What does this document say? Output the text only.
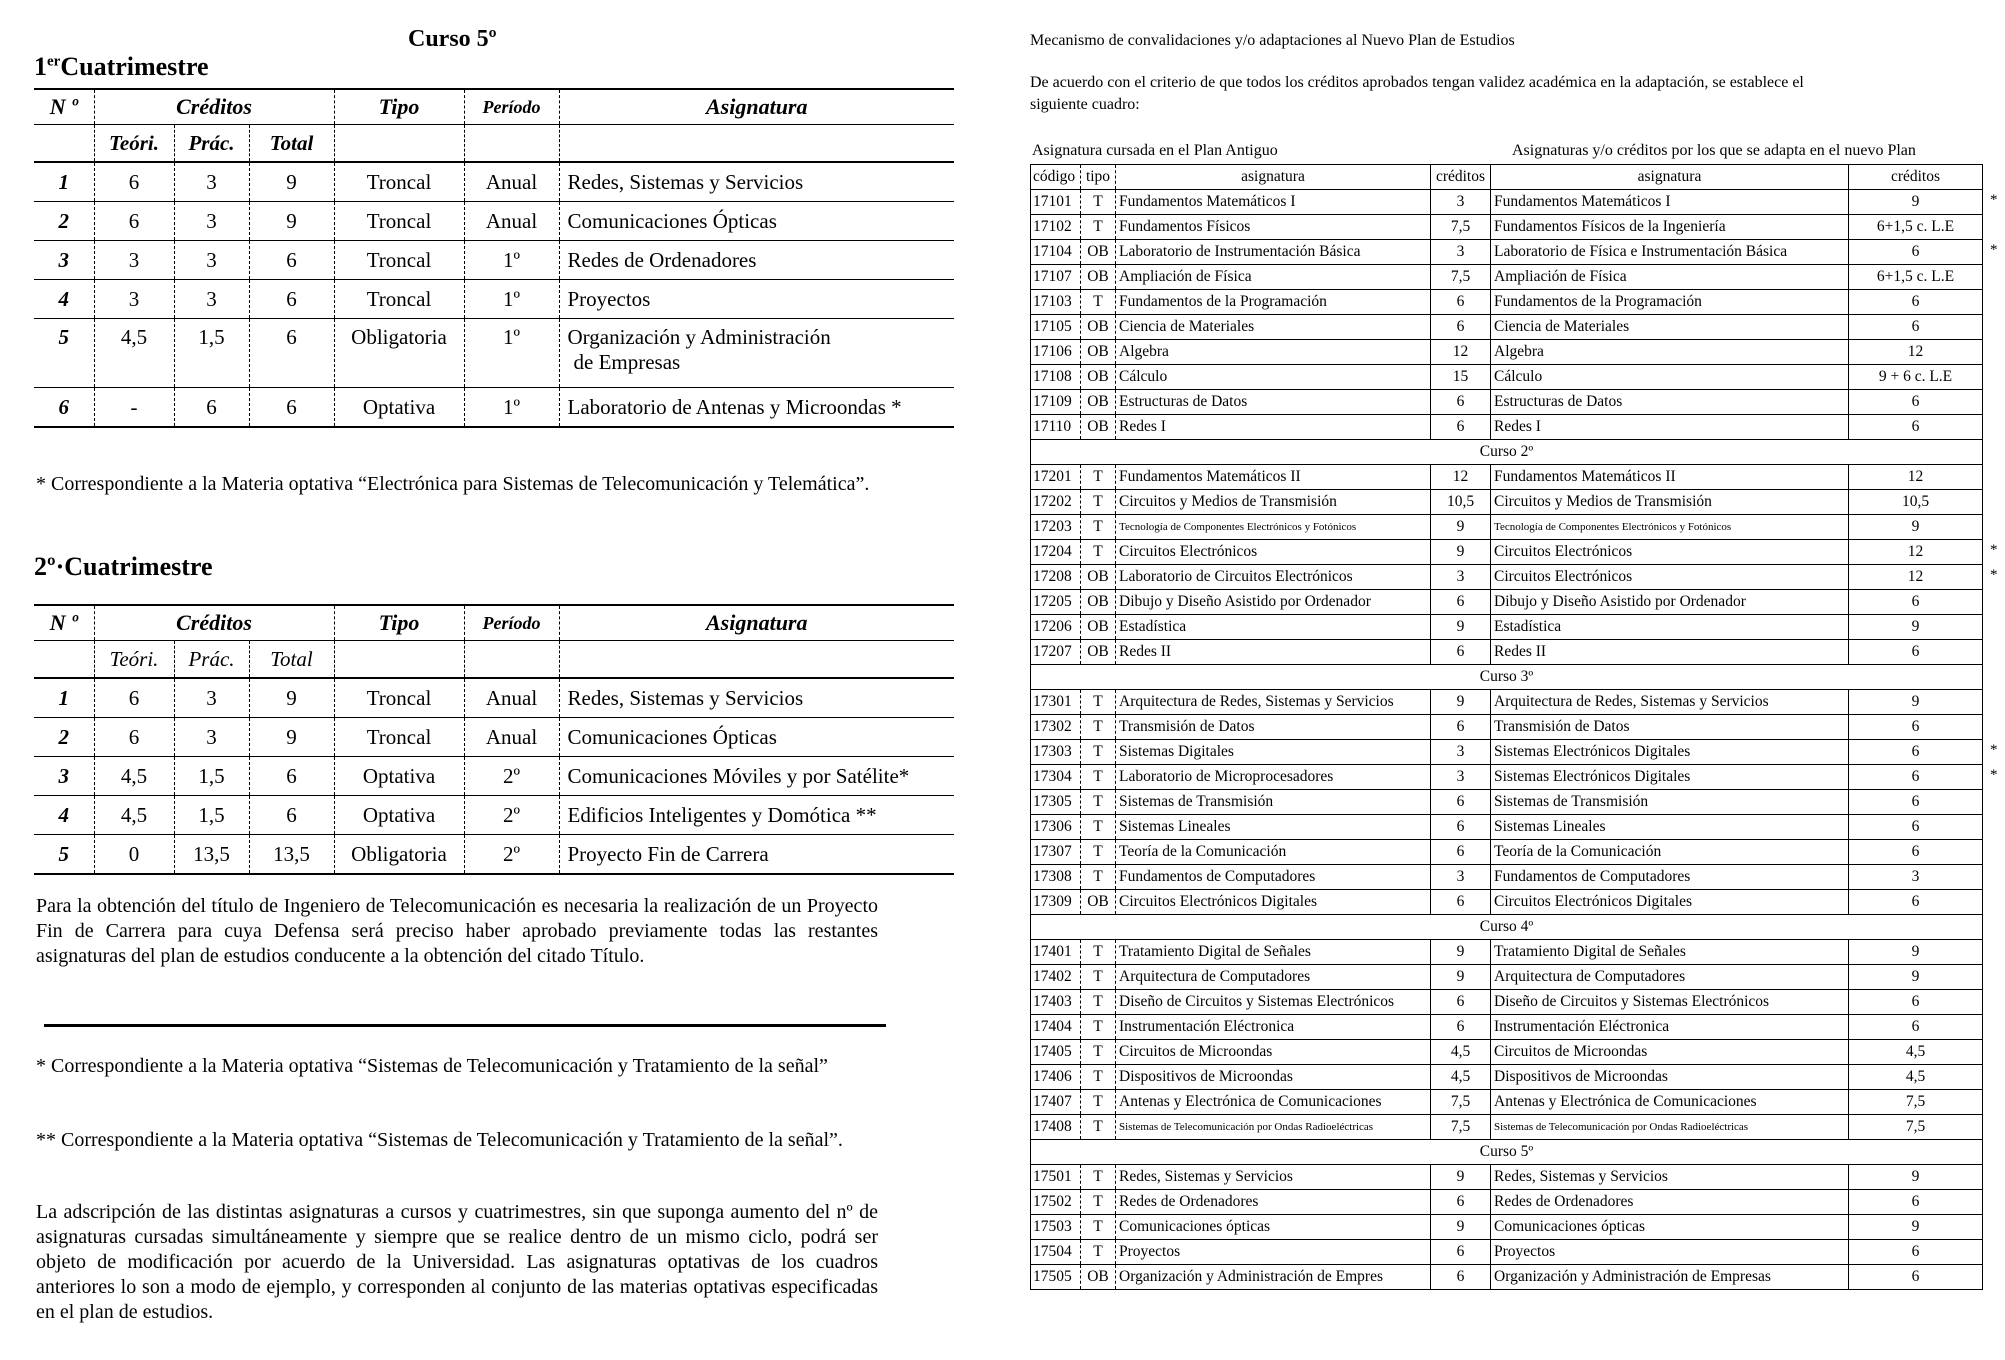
Curso 5º
1erCuatrimestre
N º	Créditos			Tipo	Período	Asignatura
	Teóri.	Prác.	Total			
1	6	3	9	Troncal	Anual	Redes, Sistemas y Servicios
2	6	3	9	Troncal	Anual	Comunicaciones Ópticas
3	3	3	6	Troncal	1º	Redes de Ordenadores
4	3	3	6	Troncal	1º	Proyectos
5	4,5	1,5	6	Obligatoria	1º	Organización y Administración
de Empresas
6	-	6	6	Optativa	1º	Laboratorio de Antenas y Microondas *
* Correspondiente a la Materia optativa “Electrónica para Sistemas de Telecomunicación y Telemática”.
2º·Cuatrimestre
N º	Créditos			Tipo	Período	Asignatura
	Teóri.	Prác.	Total			
1	6	3	9	Troncal	Anual	Redes, Sistemas y Servicios
2	6	3	9	Troncal	Anual	Comunicaciones Ópticas
3	4,5	1,5	6	Optativa	2º	Comunicaciones Móviles y por Satélite*
4	4,5	1,5	6	Optativa	2º	Edificios Inteligentes y Domótica **
5	0	13,5	13,5	Obligatoria	2º	Proyecto Fin de Carrera
Para la obtención del título de Ingeniero de Telecomunicación es necesaria la realización de un Proyecto Fin de Carrera para cuya Defensa será preciso haber aprobado previamente todas las restantes asignaturas del plan de estudios conducente a la obtención del citado Título.
* Correspondiente a la Materia optativa “Sistemas de Telecomunicación y Tratamiento de la señal”
** Correspondiente a la Materia optativa “Sistemas de Telecomunicación y Tratamiento de la señal”.
La adscripción de las distintas asignaturas a cursos y cuatrimestres, sin que suponga aumento del nº de asignaturas cursadas simultáneamente y siempre que se realice dentro de un mismo ciclo, podrá ser objeto de modificación por acuerdo de la Universidad. Las asignaturas optativas de los cuadros anteriores lo son a modo de ejemplo, y corresponden al conjunto de las materias optativas especificadas en el plan de estudios.
Mecanismo de convalidaciones y/o adaptaciones al Nuevo Plan de Estudios
De acuerdo con el criterio de que todos los créditos aprobados tengan validez académica en la adaptación, se establece el siguiente cuadro:
Asignatura cursada en el Plan Antiguo	Asignaturas y/o créditos por los que se adapta en el nuevo Plan
código	tipo	asignatura	créditos	asignatura	créditos
17101	T	Fundamentos Matemáticos I	3	Fundamentos Matemáticos I	9
17102	T	Fundamentos Físicos	7,5	Fundamentos Físicos de la Ingeniería	6+1,5 c. L.E
17104	OB	Laboratorio de Instrumentación Básica	3	Laboratorio de Física e Instrumentación Básica	6
17107	OB	Ampliación de Física	7,5	Ampliación de Física	6+1,5 c. L.E
17103	T	Fundamentos de la Programación	6	Fundamentos de la Programación	6
17105	OB	Ciencia de Materiales	6	Ciencia de Materiales	6
17106	OB	Algebra	12	Algebra	12
17108	OB	Cálculo	15	Cálculo	9 + 6 c. L.E
17109	OB	Estructuras de Datos	6	Estructuras de Datos	6
17110	OB	Redes I	6	Redes I	6
Curso 2º					
17201	T	Fundamentos Matemáticos II	12	Fundamentos Matemáticos II	12
17202	T	Circuitos y Medios de Transmisión	10,5	Circuitos y Medios de Transmisión	10,5
17203	T	Tecnología de Componentes Electrónicos y Fotónicos	9	Tecnología de Componentes Electrónicos y Fotónicos	9
17204	T	Circuitos Electrónicos	9	Circuitos Electrónicos	12
17208	OB	Laboratorio de Circuitos Electrónicos	3	Circuitos Electrónicos	12
17205	OB	Dibujo y Diseño Asistido por Ordenador	6	Dibujo y Diseño Asistido por Ordenador	6
17206	OB	Estadística	9	Estadística	9
17207	OB	Redes II	6	Redes II	6
Curso 3º					
17301	T	Arquitectura de Redes, Sistemas y Servicios	9	Arquitectura de Redes, Sistemas y Servicios	9
17302	T	Transmisión de Datos	6	Transmisión de Datos	6
17303	T	Sistemas Digitales	3	Sistemas Electrónicos Digitales	6
17304	T	Laboratorio de Microprocesadores	3	Sistemas Electrónicos Digitales	6
17305	T	Sistemas de Transmisión	6	Sistemas de Transmisión	6
17306	T	Sistemas Lineales	6	Sistemas Lineales	6
17307	T	Teoría de la Comunicación	6	Teoría de la Comunicación	6
17308	T	Fundamentos de Computadores	3	Fundamentos de Computadores	3
17309	OB	Circuitos Electrónicos Digitales	6	Circuitos Electrónicos Digitales	6
Curso 4º					
17401	T	Tratamiento Digital de Señales	9	Tratamiento Digital de Señales	9
17402	T	Arquitectura de Computadores	9	Arquitectura de Computadores	9
17403	T	Diseño de Circuitos y Sistemas Electrónicos	6	Diseño de Circuitos y Sistemas Electrónicos	6
17404	T	Instrumentación Eléctronica	6	Instrumentación Eléctronica	6
17405	T	Circuitos de Microondas	4,5	Circuitos de Microondas	4,5
17406	T	Dispositivos de Microondas	4,5	Dispositivos de Microondas	4,5
17407	T	Antenas y Electrónica de Comunicaciones	7,5	Antenas y Electrónica de Comunicaciones	7,5
17408	T	Sistemas de Telecomunicación por Ondas Radioeléctricas	7,5	Sistemas de Telecomunicación por Ondas Radioeléctricas	7,5
Curso 5º					
17501	T	Redes, Sistemas y Servicios	9	Redes, Sistemas y Servicios	9
17502	T	Redes de Ordenadores	6	Redes de Ordenadores	6
17503	T	Comunicaciones ópticas	9	Comunicaciones ópticas	9
17504	T	Proyectos	6	Proyectos	6
17505	OB	Organización y Administración de Empres	6	Organización y Administración de Empresas	6
*
*
*
*
*
*
